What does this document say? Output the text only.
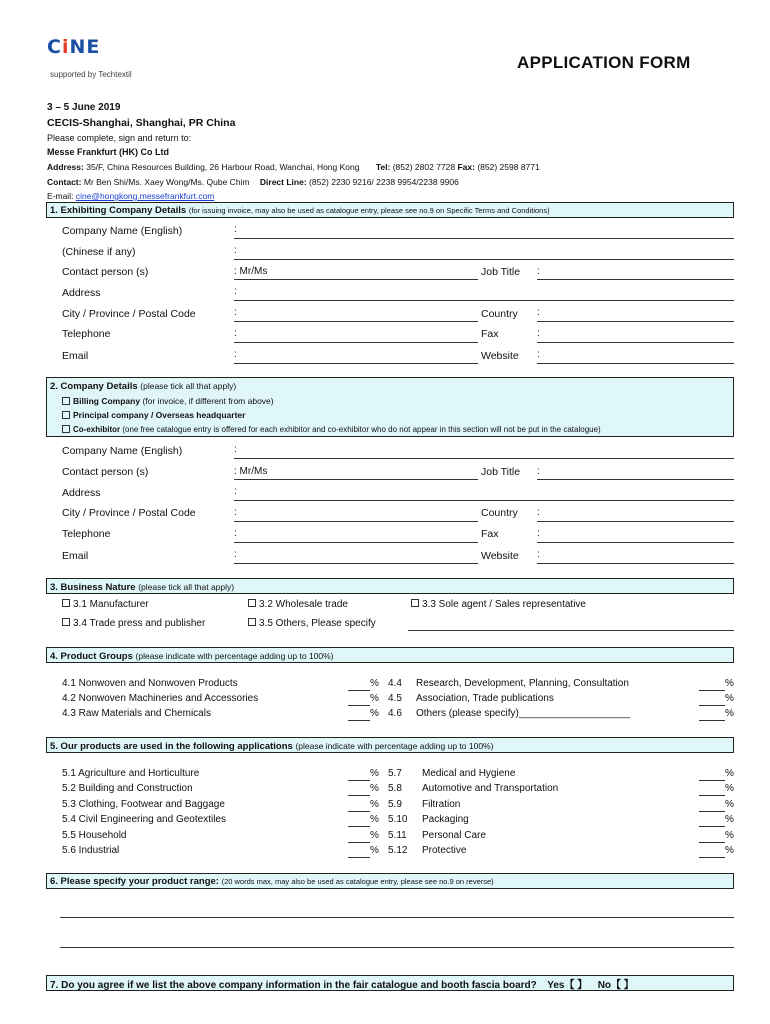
CiNE
supported by Techtextil
APPLICATION FORM
3 – 5 June 2019
CECIS-Shanghai, Shanghai, PR China
Please complete, sign and return to:
Messe Frankfurt (HK) Co Ltd
Address: 35/F, China Resources Building, 26 Harbour Road, Wanchai, Hong Kong Tel: (852) 2802 7728 Fax: (852) 2598 8771
Contact: Mr Ben Shi/Ms. Xaey Wong/Ms. Qube Chim Direct Line: (852) 2230 9216/ 2238 9954/2238 9906
E-mail: cine@hongkong.messefrankfurt.com
1. Exhibiting Company Details (for issuing invoice, may also be used as catalogue entry, please see no.9 on Specific Terms and Conditions)
Company Name (English)	:
(Chinese if any)	:
Contact person (s)	: Mr/Ms	Job Title :
Address	:
City / Province / Postal Code	:	Country :
Telephone	:	Fax	:
Email	:	Website :
2. Company Details (please tick all that apply)
Billing Company (for invoice, if different from above)
Principal company / Overseas headquarter
Co-exhibitor (one free catalogue entry is offered for each exhibitor and co-exhibitor who do not appear in this section will not be put in the catalogue)
Company Name (English)	:
Contact person (s)	: Mr/Ms	Job Title :
Address	:
City / Province / Postal Code	:	Country :
Telephone	:	Fax	:
Email	:	Website :
3. Business Nature (please tick all that apply)
3.1 Manufacturer	3.2 Wholesale trade	3.3 Sole agent / Sales representative
3.4 Trade press and publisher	3.5 Others, Please specify
4. Product Groups (please indicate with percentage adding up to 100%)
4.1 Nonwoven and Nonwoven Products	% 4.4 Research, Development, Planning, Consultation	%
4.2 Nonwoven Machineries and Accessories	% 4.5 Association, Trade publications	%
4.3 Raw Materials and Chemicals	% 4.6 Others (please specify)____________________	%
5. Our products are used in the following applications (please indicate with percentage adding up to 100%)
5.1 Agriculture and Horticulture	% 5.7 Medical and Hygiene	%
5.2 Building and Construction	% 5.8 Automotive and Transportation	%
5.3 Clothing, Footwear and Baggage	% 5.9 Filtration	%
5.4 Civil Engineering and Geotextiles	% 5.10 Packaging	%
5.5 Household	% 5.11 Personal Care	%
5.6 Industrial	% 5.12 Protective	%
6. Please specify your product range: (20 words max, may also be used as catalogue entry, please see no.9 on reverse)
7. Do you agree if we list the above company information in the fair catalogue and booth fascia board? Yes【 】 No【 】
